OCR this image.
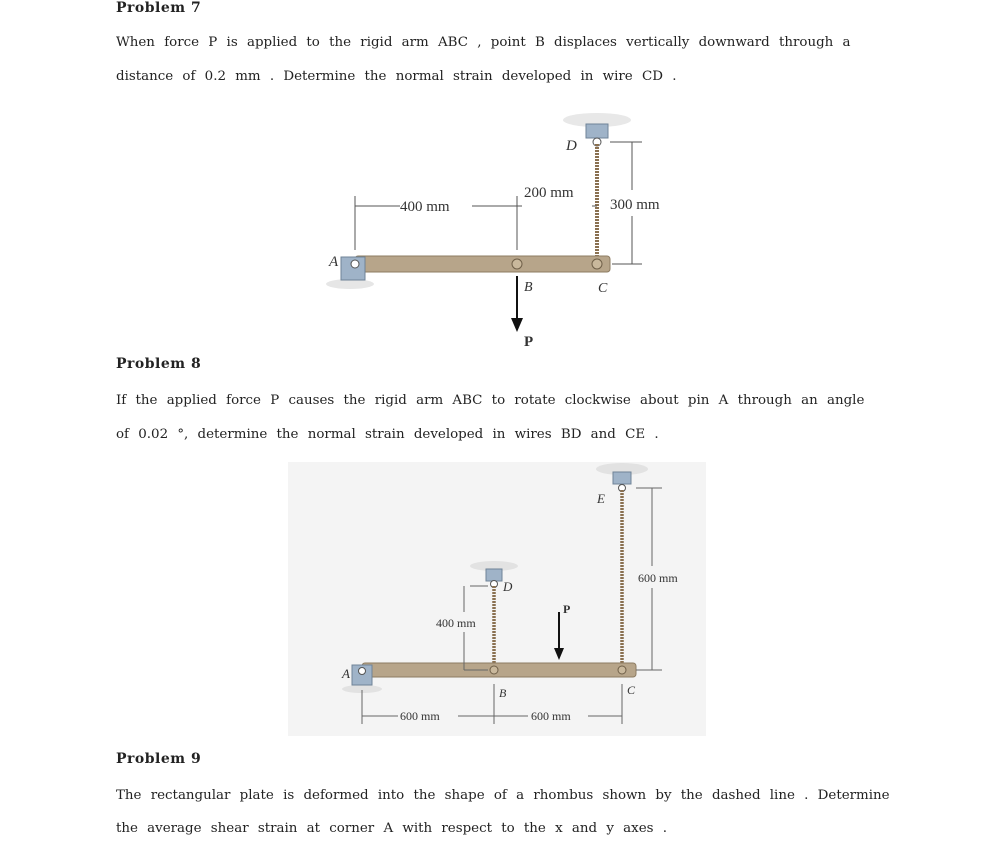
Problem 7
When force P is applied to the rigid arm ABC , point B displaces vertically downward through a
distance of 0.2 mm . Determine the normal strain developed in wire CD .
400 mm
200 mm
300 mm
D
A
B	C
P
Problem 8
If the applied force P causes the rigid arm ABC to rotate clockwise about pin A through an angle
of 0.02 °, determine the normal strain developed in wires BD and CE .
E
D
A
B	C
P
400 mm
600 mm
600 mm	600 mm
Problem 9
The rectangular plate is deformed into the shape of a rhombus shown by the dashed line . Determine
the average shear strain at corner A with respect to the x and y axes .
